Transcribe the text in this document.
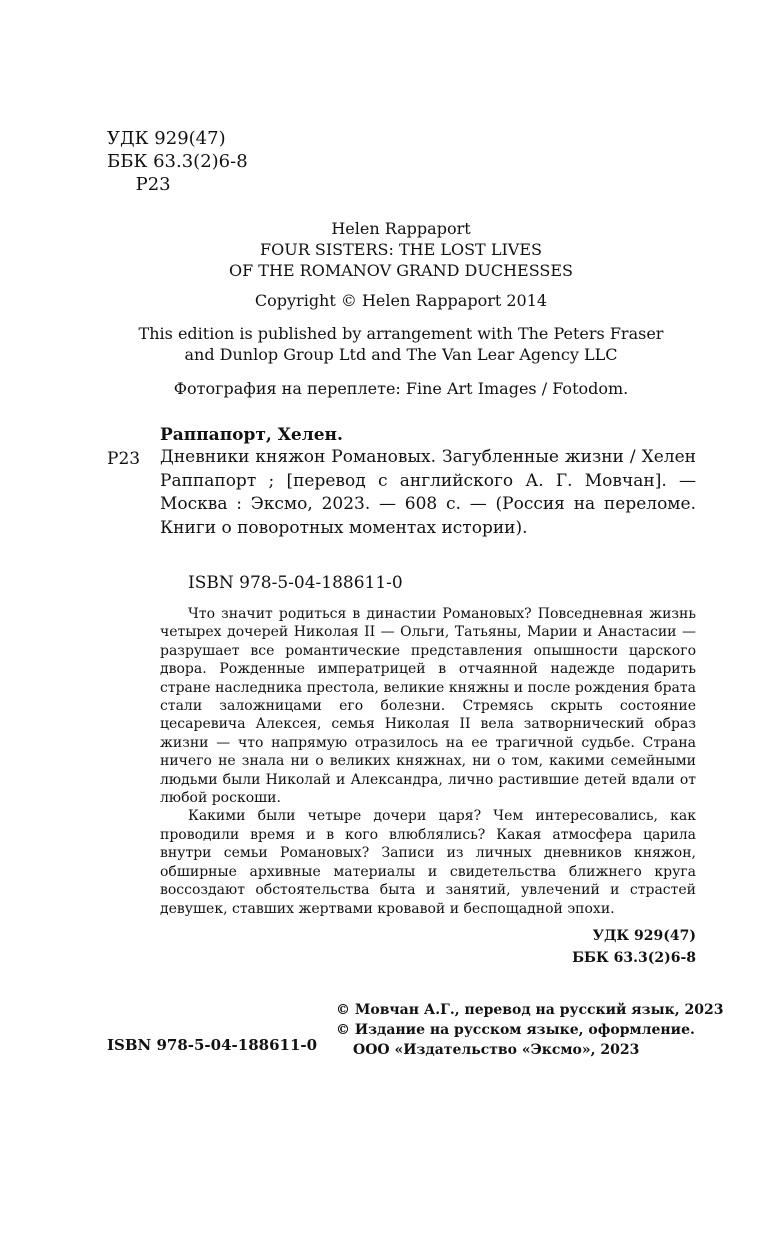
УДК 929(47)
ББК 63.3(2)6-8
Р23
Helen Rappaport
FOUR SISTERS: THE LOST LIVES
OF THE ROMANOV GRAND DUCHESSES
Copyright © Helen Rappaport 2014
This edition is published by arrangement with The Peters Fraser
and Dunlop Group Ltd and The Van Lear Agency LLC
Фотография на переплете: Fine Art Images / Fotodom.
Раппапорт, Хелен.
Р23 Дневники княжон Романовых. Загубленные жизни / Хелен Раппапорт ; [перевод с английского А. Г. Мовчан]. — Москва : Эксмо, 2023. — 608 с. — (Россия на переломе. Книги о поворотных моментах истории).
ISBN 978-5-04-188611-0

Что значит родиться в династии Романовых? Повседневная жизнь четырех дочерей Николая II — Ольги, Татьяны, Марии и Анастасии — разрушает все романтические представления опышности царского двора. Рожденные императрицей в отчаянной надежде подарить стране наследника престола, великие княжны и после рождения брата стали заложницами его болезни. Стремясь скрыть состояние цесаревича Алексея, семья Николая II вела затворнический образ жизни — что напрямую отразилось на ее трагичной судьбе. Страна ничего не знала ни о великих княжнах, ни о том, какими семейными людьми были Николай и Александра, лично растившие детей вдали от любой роскоши.

Какими были четыре дочери царя? Чем интересовались, как проводили время и в кого влюблялись? Какая атмосфера царила внутри семьи Романовых? Записи из личных дневников княжон, обширные архивные материалы и свидетельства ближнего круга воссоздают обстоятельства быта и занятий, увлечений и страстей девушек, ставших жертвами кровавой и беспощадной эпохи.

УДК 929(47)
ББК 63.3(2)6-8
© Мовчан А.Г., перевод на русский язык, 2023
© Издание на русском языке, оформление.
ООО «Издательство «Эксмо», 2023
ISBN 978-5-04-188611-0
